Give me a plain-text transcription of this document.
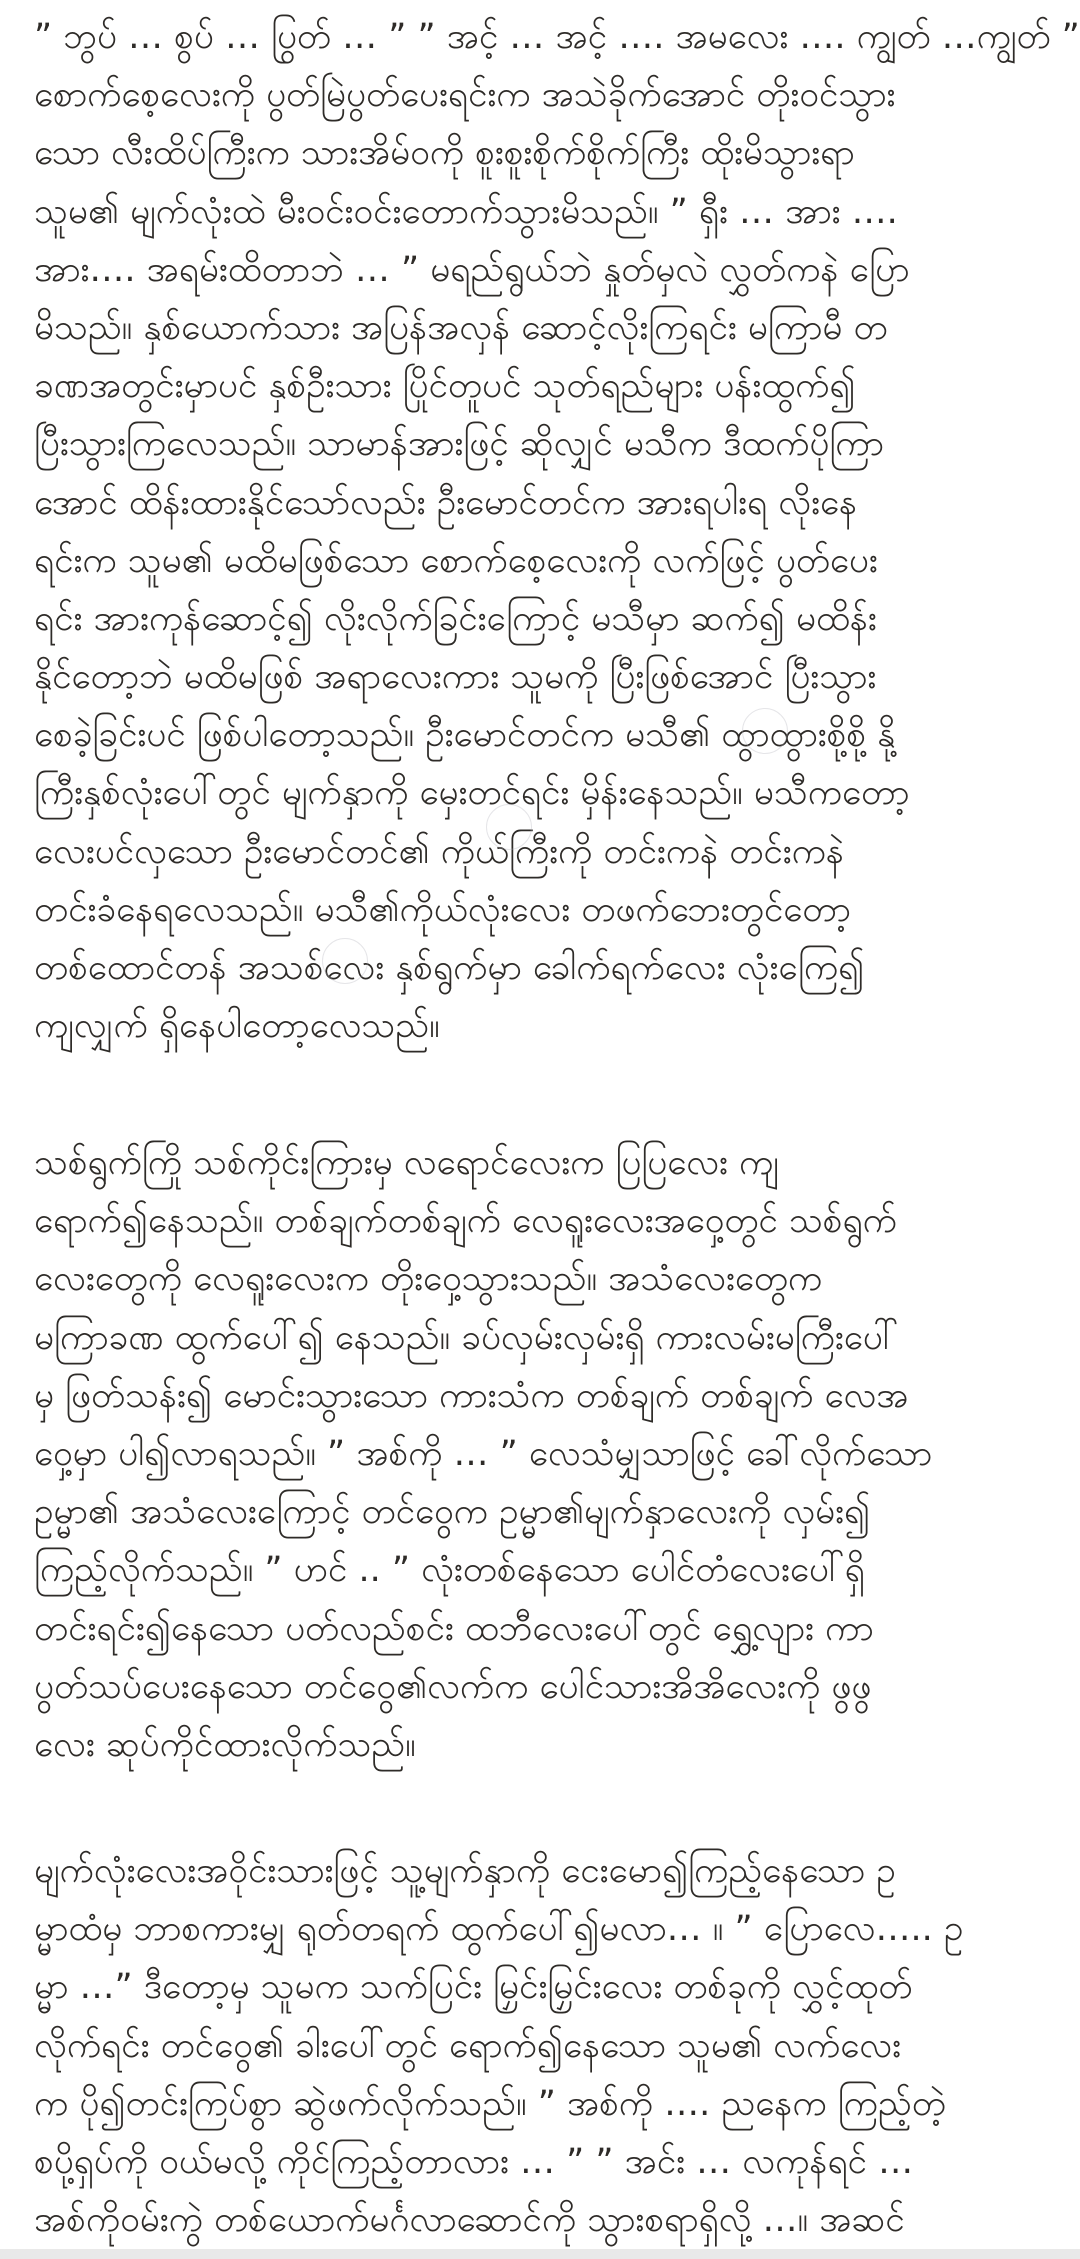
” ဘွပ် … စွပ် … ပြွတ် … ” ” အင့် … အင့် …. အမလေး …. ကျွတ် …ကျွတ် ”
စောက်စေ့လေးကို ပွတ်မြဲပွတ်ပေးရင်းက အသဲခိုက်အောင် တိုးဝင်သွား
သော လီးထိပ်ကြီးက သားအိမ်ဝကို စူးစူးစိုက်စိုက်ကြီး ထိုးမိသွားရာ
သူမ၏ မျက်လုံးထဲ မီးဝင်းဝင်းတောက်သွားမိသည်။ ” ရှီး … အား ….
အား…. အရမ်းထိတာဘဲ … ” မရည်ရွယ်ဘဲ နှုတ်မှလဲ လွှတ်ကနဲ ပြော
မိသည်။ နှစ်ယောက်သား အပြန်အလှန် ဆောင့်လိုးကြရင်း မကြာမီ တ
ခဏအတွင်းမှာပင် နှစ်ဦးသား ပြိုင်တူပင် သုတ်ရည်များ ပန်းထွက်၍
ပြီးသွားကြလေသည်။ သာမာန်အားဖြင့် ဆိုလျှင် မသီက ဒီထက်ပိုကြာ
အောင် ထိန်းထားနိုင်သော်လည်း ဦးမောင်တင်က အားရပါးရ လိုးနေ
ရင်းက သူမ၏ မထိမဖြစ်သော စောက်စေ့လေးကို လက်ဖြင့် ပွတ်ပေး
ရင်း အားကုန်ဆောင့်၍ လိုးလိုက်ခြင်းကြောင့် မသီမှာ ဆက်၍ မထိန်း
နိုင်တော့ဘဲ မထိမဖြစ် အရာလေးကား သူမကို ပြီးဖြစ်အောင် ပြီးသွား
စေခဲ့ခြင်းပင် ဖြစ်ပါတော့သည်။ ဦးမောင်တင်က မသီ၏ ထွာထွားစို့စို့ နို့
ကြီးနှစ်လုံးပေါ်တွင် မျက်နှာကို မှေးတင်ရင်း မှိန်းနေသည်။ မသီကတော့
လေးပင်လှသော ဦးမောင်တင်၏ ကိုယ်ကြီးကို တင်းကနဲ တင်းကနဲ
တင်းခံနေရလေသည်။ မသီ၏ကိုယ်လုံးလေး တဖက်ဘေးတွင်တော့
တစ်ထောင်တန် အသစ်လေး နှစ်ရွက်မှာ ခေါက်ရက်လေး လုံးကြေ၍
ကျလျှက် ရှိနေပါတော့လေသည်။
သစ်ရွက်ကြို သစ်ကိုင်းကြားမှ လရောင်လေးက ပြပြလေး ကျ
ရောက်၍နေသည်။ တစ်ချက်တစ်ချက် လေရူးလေးအဝှေ့တွင် သစ်ရွက်
လေးတွေကို လေရူးလေးက တိုးဝှေ့သွားသည်။ အသံလေးတွေက
မကြာခဏ ထွက်ပေါ်၍ နေသည်။ ခပ်လှမ်းလှမ်းရှိ ကားလမ်းမကြီးပေါ်
မှ ဖြတ်သန်း၍ မောင်းသွားသော ကားသံက တစ်ချက် တစ်ချက် လေအ
ဝှေ့မှာ ပါ၍လာရသည်။ ” အစ်ကို … ” လေသံမျှသာဖြင့် ခေါ်လိုက်သော
ဥမ္မာ၏ အသံလေးကြောင့် တင်ဝွေက ဥမ္မာ၏မျက်နှာလေးကို လှမ်း၍
ကြည့်လိုက်သည်။ ” ဟင် .. ” လုံးတစ်နေသော ပေါင်တံလေးပေါ်ရှိ
တင်းရင်း၍နေသော ပတ်လည်စင်း ထဘီလေးပေါ်တွင် ရွှေ့လျား ကာ
ပွတ်သပ်ပေးနေသော တင်ဝွေ၏လက်က ပေါင်သားအိအိလေးကို ဖွဖွ
လေး ဆုပ်ကိုင်ထားလိုက်သည်။
မျက်လုံးလေးအဝိုင်းသားဖြင့် သူ့မျက်နှာကို ငေးမော၍ကြည့်နေသော ဥ
မ္မာထံမှ ဘာစကားမျှ ရုတ်တရက် ထွက်ပေါ်၍မလာ… ။ ” ပြောလေ….. ဥ
မ္မာ …” ဒီတော့မှ သူမက သက်ပြင်း မြှင်းမြှင်းလေး တစ်ခုကို လွှင့်ထုတ်
လိုက်ရင်း တင်ဝွေ၏ ခါးပေါ်တွင် ရောက်၍နေသော သူမ၏ လက်လေး
က ပို၍တင်းကြပ်စွာ ဆွဲဖက်လိုက်သည်။ ” အစ်ကို …. ညနေက ကြည့်တဲ့
စပို့ရှပ်ကို ဝယ်မလို့ ကိုင်ကြည့်တာလား … ” ” အင်း … လကုန်ရင် …
အစ်ကိုဝမ်းကွဲ တစ်ယောက်မင်္ဂလာဆောင်ကို သွားစရာရှိလို့ …။ အဆင်
